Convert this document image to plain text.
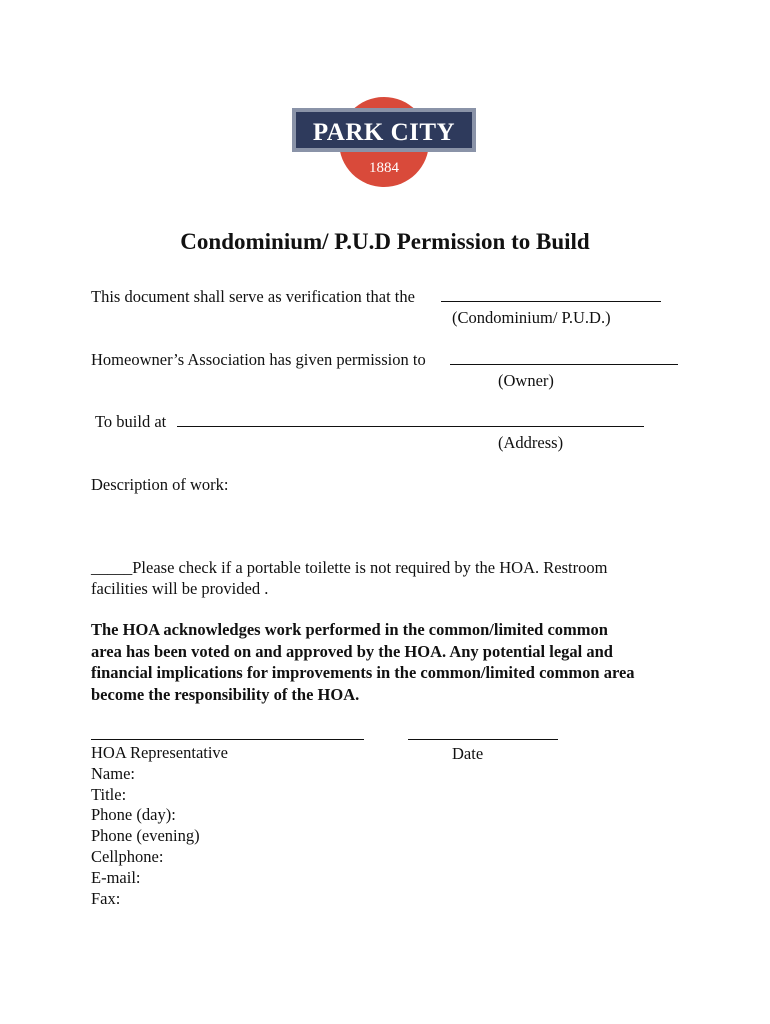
PARK CITY
1884
Condominium/ P.U.D Permission to Build
This document shall serve as verification that the
(Condominium/ P.U.D.)
Homeowner’s Association has given permission to
(Owner)
To build at
(Address)
Description of work:
_____Please check if a portable toilette is not required by the HOA. Restroom
facilities will be provided .
The HOA acknowledges work performed in the common/limited common
area has been voted on and approved by the HOA. Any potential legal and
financial implications for improvements in the common/limited common area
become the responsibility of the HOA.
Date
HOA Representative
Name:
Title:
Phone (day):
Phone (evening)
Cellphone:
E-mail:
Fax:
